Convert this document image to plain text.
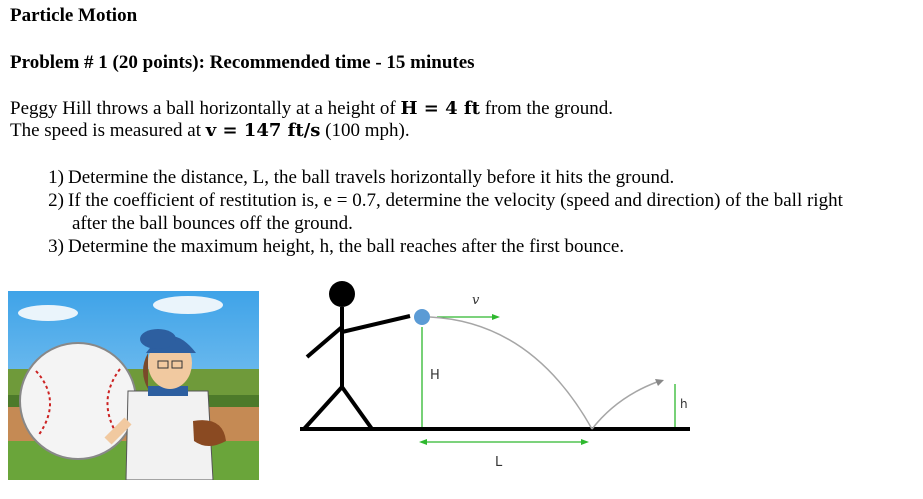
Particle Motion
Problem # 1 (20 points): Recommended time - 15 minutes
Peggy Hill throws a ball horizontally at a height of H = 4 ft from the ground.
The speed is measured at v = 147 ft/s (100 mph).
1) Determine the distance, L, the ball travels horizontally before it hits the ground.
2) If the coefficient of restitution is, e = 0.7, determine the velocity (speed and direction) of the ball right
after the ball bounces off the ground.
3) Determine the maximum height, h, the ball reaches after the first bounce.
H
v
h
L
